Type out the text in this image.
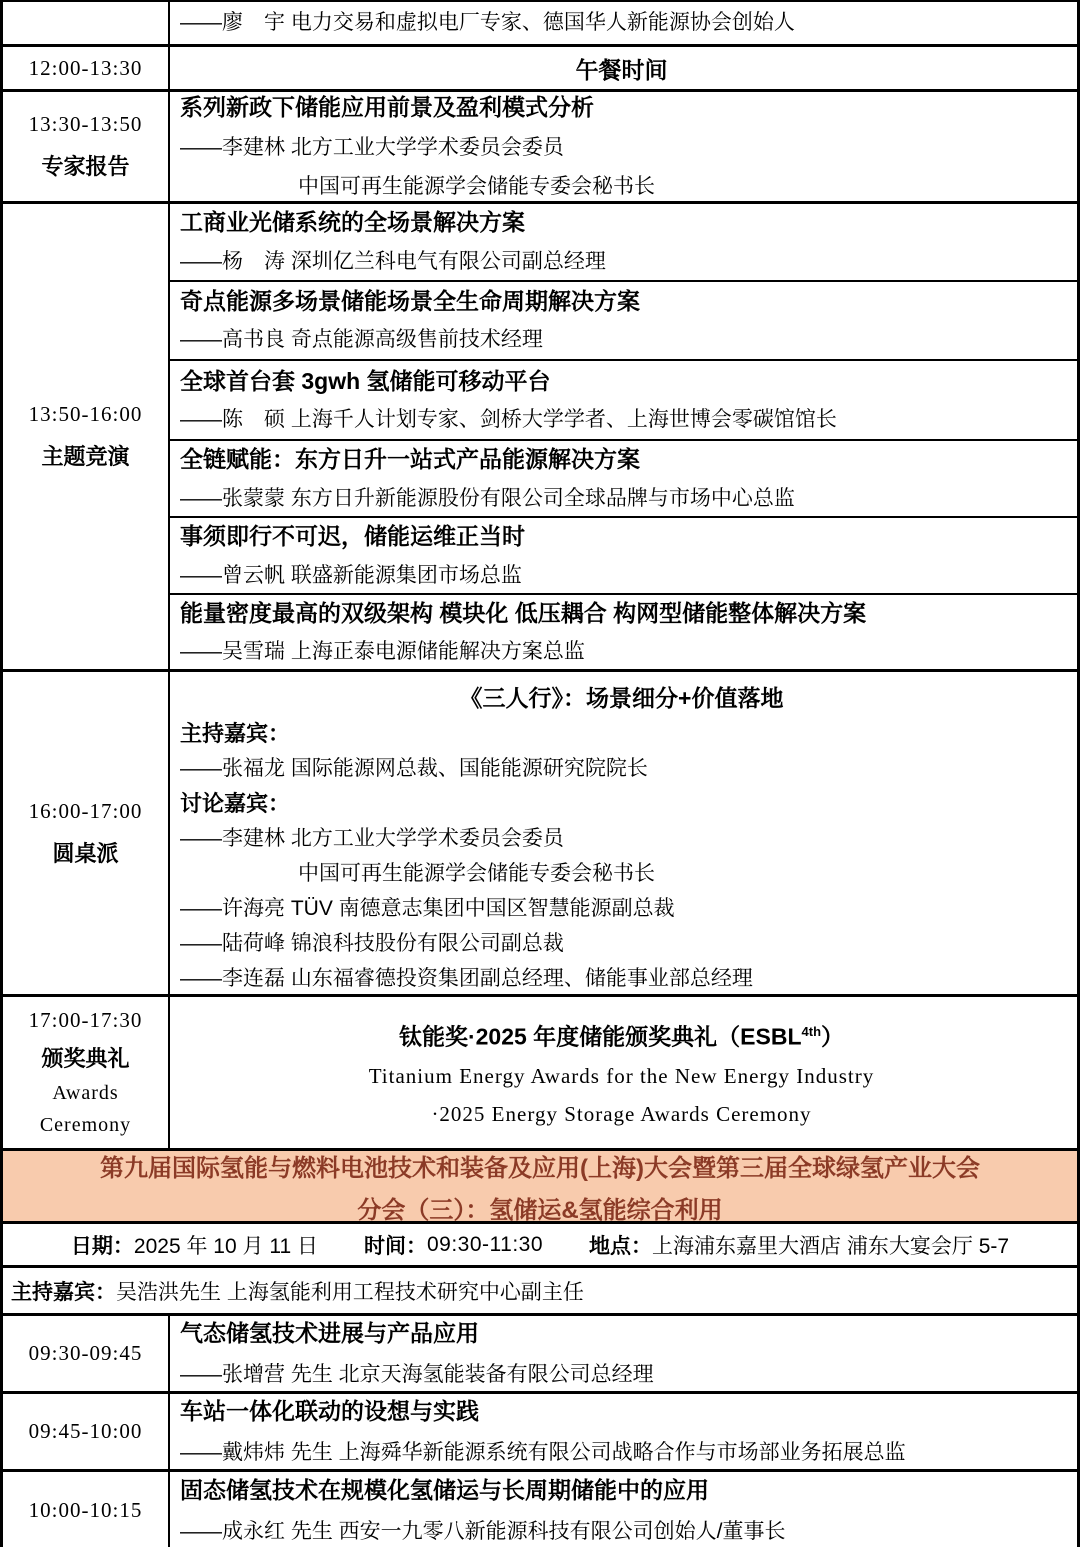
——廖　宇 电力交易和虚拟电厂专家、德国华人新能源协会创始人
12:00-13:30	午餐时间
13:30-13:50
专家报告
系列新政下储能应用前景及盈利模式分析
——李建林 北方工业大学学术委员会委员
中国可再生能源学会储能专委会秘书长
13:50-16:00
主题竞演
工商业光储系统的全场景解决方案
——杨　涛 深圳亿兰科电气有限公司副总经理
奇点能源多场景储能场景全生命周期解决方案
——高书良 奇点能源高级售前技术经理
全球首台套 3gwh 氢储能可移动平台
——陈　硕 上海千人计划专家、剑桥大学学者、上海世博会零碳馆馆长
全链赋能：东方日升一站式产品能源解决方案
——张蒙蒙 东方日升新能源股份有限公司全球品牌与市场中心总监
事须即行不可迟，储能运维正当时
——曾云帆 联盛新能源集团市场总监
能量密度最高的双级架构 模块化 低压耦合 构网型储能整体解决方案
——吴雪瑞 上海正泰电源储能解决方案总监
16:00-17:00
圆桌派
《三人行》：场景细分+价值落地
主持嘉宾：
——张福龙 国际能源网总裁、国能能源研究院院长
讨论嘉宾：
——李建林 北方工业大学学术委员会委员
中国可再生能源学会储能专委会秘书长
——许海亮 TÜV 南德意志集团中国区智慧能源副总裁
——陆荷峰 锦浪科技股份有限公司副总裁
——李连磊 山东福睿德投资集团副总经理、储能事业部总经理
17:00-17:30
颁奖典礼
Awards
Ceremony
钛能奖·2025 年度储能颁奖典礼$(ESBL^{4th})$
Titanium Energy Awards for the New Energy Industry
·2025 Energy Storage Awards Ceremony
第九届国际氢能与燃料电池技术和装备及应用(上海)大会暨第三届全球绿氢产业大会
分会（三）：氢储运&氢能综合利用
日期： 2025 年 10 月 11 日 时间： 09:30-11:30 地点： 上海浦东嘉里大酒店 浦东大宴会厅 5-7
主持嘉宾： 吴浩洪先生 上海氢能利用工程技术研究中心副主任
09:30-09:45
气态储氢技术进展与产品应用
——张增营 先生 北京天海氢能装备有限公司总经理
09:45-10:00
车站一体化联动的设想与实践
——戴炜炜 先生 上海舜华新能源系统有限公司战略合作与市场部业务拓展总监
10:00-10:15
固态储氢技术在规模化氢储运与长周期储能中的应用
——成永红 先生 西安一九零八新能源科技有限公司创始人/董事长
